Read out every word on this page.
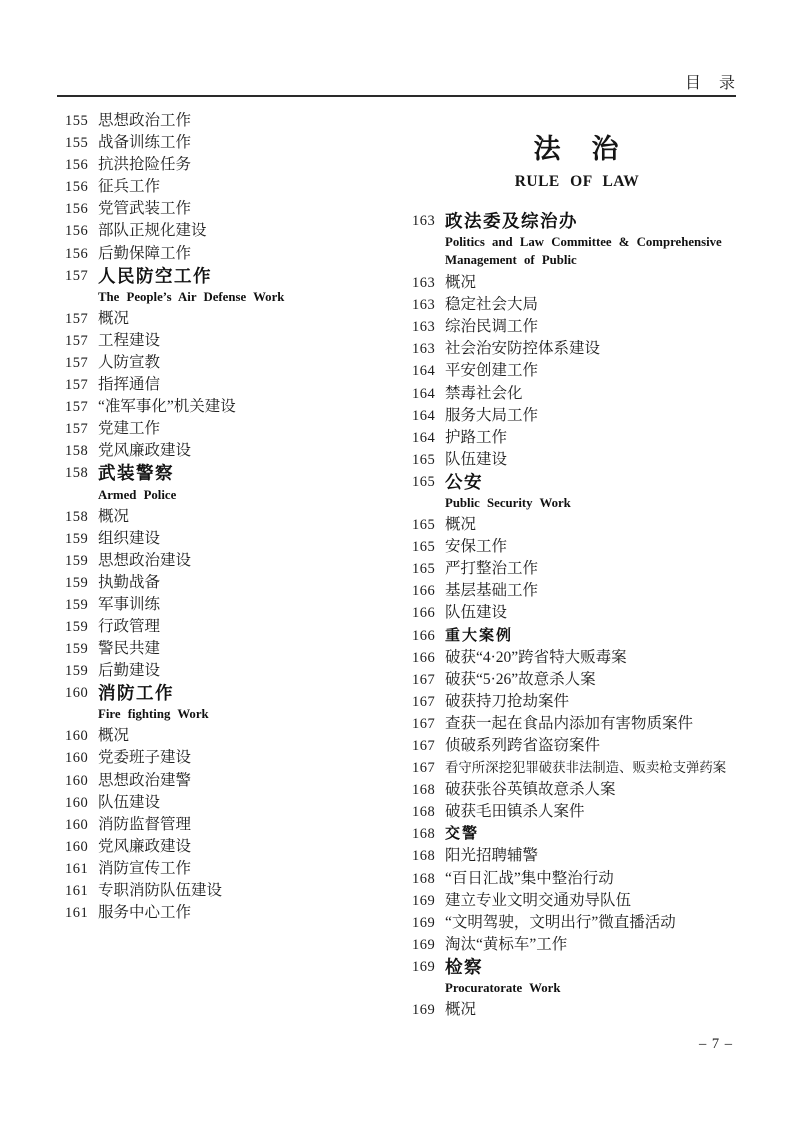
目　录
155 思想政治工作
155 战备训练工作
156 抗洪抢险任务
156 征兵工作
156 党管武装工作
156 部队正规化建设
156 后勤保障工作
157 人民防空工作
The People’s Air Defense Work
157 概况
157 工程建设
157 人防宣教
157 指挥通信
157 “准军事化”机关建设
157 党建工作
158 党风廉政建设
158 武装警察
Armed Police
158 概况
159 组织建设
159 思想政治建设
159 执勤战备
159 军事训练
159 行政管理
159 警民共建
159 后勤建设
160 消防工作
Fire fighting Work
160 概况
160 党委班子建设
160 思想政治建警
160 队伍建设
160 消防监督管理
160 党风廉政建设
161 消防宣传工作
161 专职消防队伍建设
161 服务中心工作
法　治
RULE OF LAW
163 政法委及综治办
Politics and Law Committee & Comprehensive
Management of Public
163 概况
163 稳定社会大局
163 综治民调工作
163 社会治安防控体系建设
164 平安创建工作
164 禁毒社会化
164 服务大局工作
164 护路工作
165 队伍建设
165 公安
Public Security Work
165 概况
165 安保工作
165 严打整治工作
166 基层基础工作
166 队伍建设
166 重大案例
166 破获“4·20”跨省特大贩毒案
167 破获“5·26”故意杀人案
167 破获持刀抢劫案件
167 查获一起在食品内添加有害物质案件
167 侦破系列跨省盗窃案件
167 看守所深挖犯罪破获非法制造、贩卖枪支弹药案
168 破获张谷英镇故意杀人案
168 破获毛田镇杀人案件
168 交警
168 阳光招聘辅警
168 “百日汇战”集中整治行动
169 建立专业文明交通劝导队伍
169 “文明驾驶，文明出行”微直播活动
169 淘汰“黄标车”工作
169 检察
Procuratorate Work
169 概况
– 7 –
